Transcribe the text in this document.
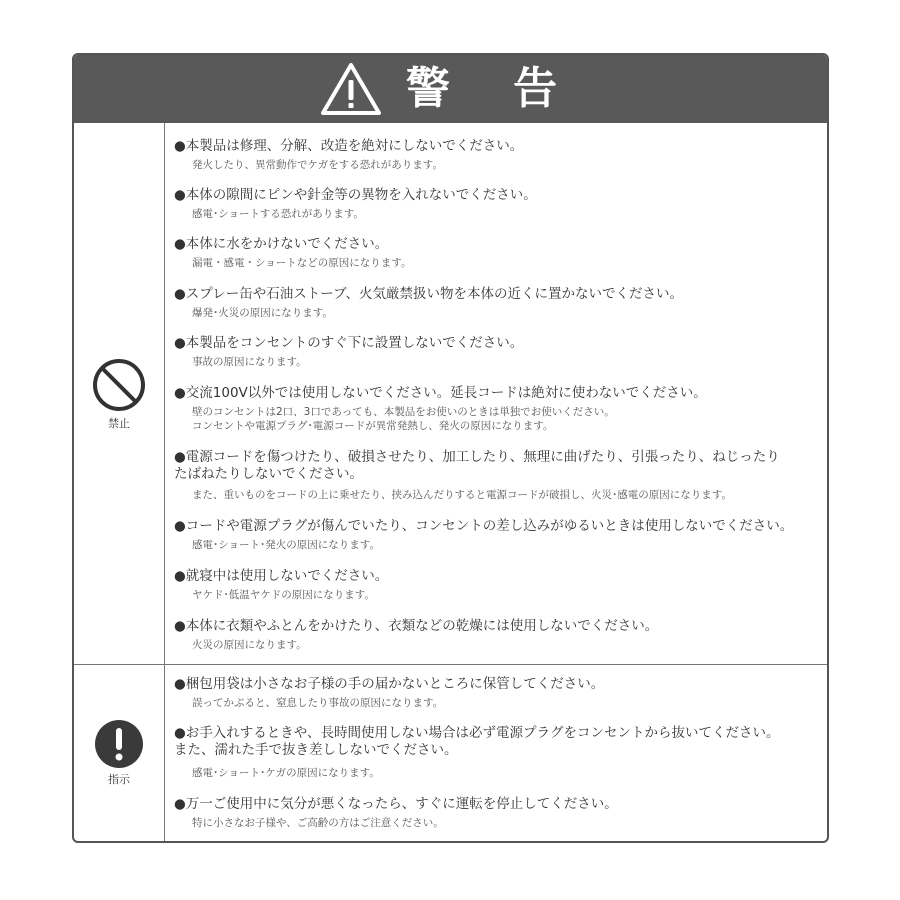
警 告
禁止
●本製品は修理、分解、改造を絶対にしないでください。
発火したり、異常動作でケガをする恐れがあります。
●本体の隙間にピンや針金等の異物を入れないでください。
感電･ショートする恐れがあります。
●本体に水をかけないでください。
漏電・感電・ショートなどの原因になります。
●スプレー缶や石油ストーブ、火気厳禁扱い物を本体の近くに置かないでください。
爆発･火災の原因になります。
●本製品をコンセントのすぐ下に設置しないでください。
事故の原因になります。
●交流100V以外では使用しないでください。延長コードは絶対に使わないでください。
壁のコンセントは2口、3口であっても、本製品をお使いのときは単独でお使いください。
コンセントや電源プラグ･電源コードが異常発熱し、発火の原因になります。
●電源コードを傷つけたり、破損させたり、加工したり、無理に曲げたり、引張ったり、ねじったり
たばねたりしないでください。
また、重いものをコードの上に乗せたり、挟み込んだりすると電源コードが破損し、火災･感電の原因になります。
●コードや電源プラグが傷んでいたり、コンセントの差し込みがゆるいときは使用しないでください。
感電･ショート･発火の原因になります。
●就寝中は使用しないでください。
ヤケド･低温ヤケドの原因になります。
●本体に衣類やふとんをかけたり、衣類などの乾燥には使用しないでください。
火災の原因になります。
指示
●梱包用袋は小さなお子様の手の届かないところに保管してください。
誤ってかぶると、窒息したり事故の原因になります。
●お手入れするときや、長時間使用しない場合は必ず電源プラグをコンセントから抜いてください。
また、濡れた手で抜き差ししないでください。
感電･ショート･ケガの原因になります。
●万一ご使用中に気分が悪くなったら、すぐに運転を停止してください。
特に小さなお子様や、ご高齢の方はご注意ください。
